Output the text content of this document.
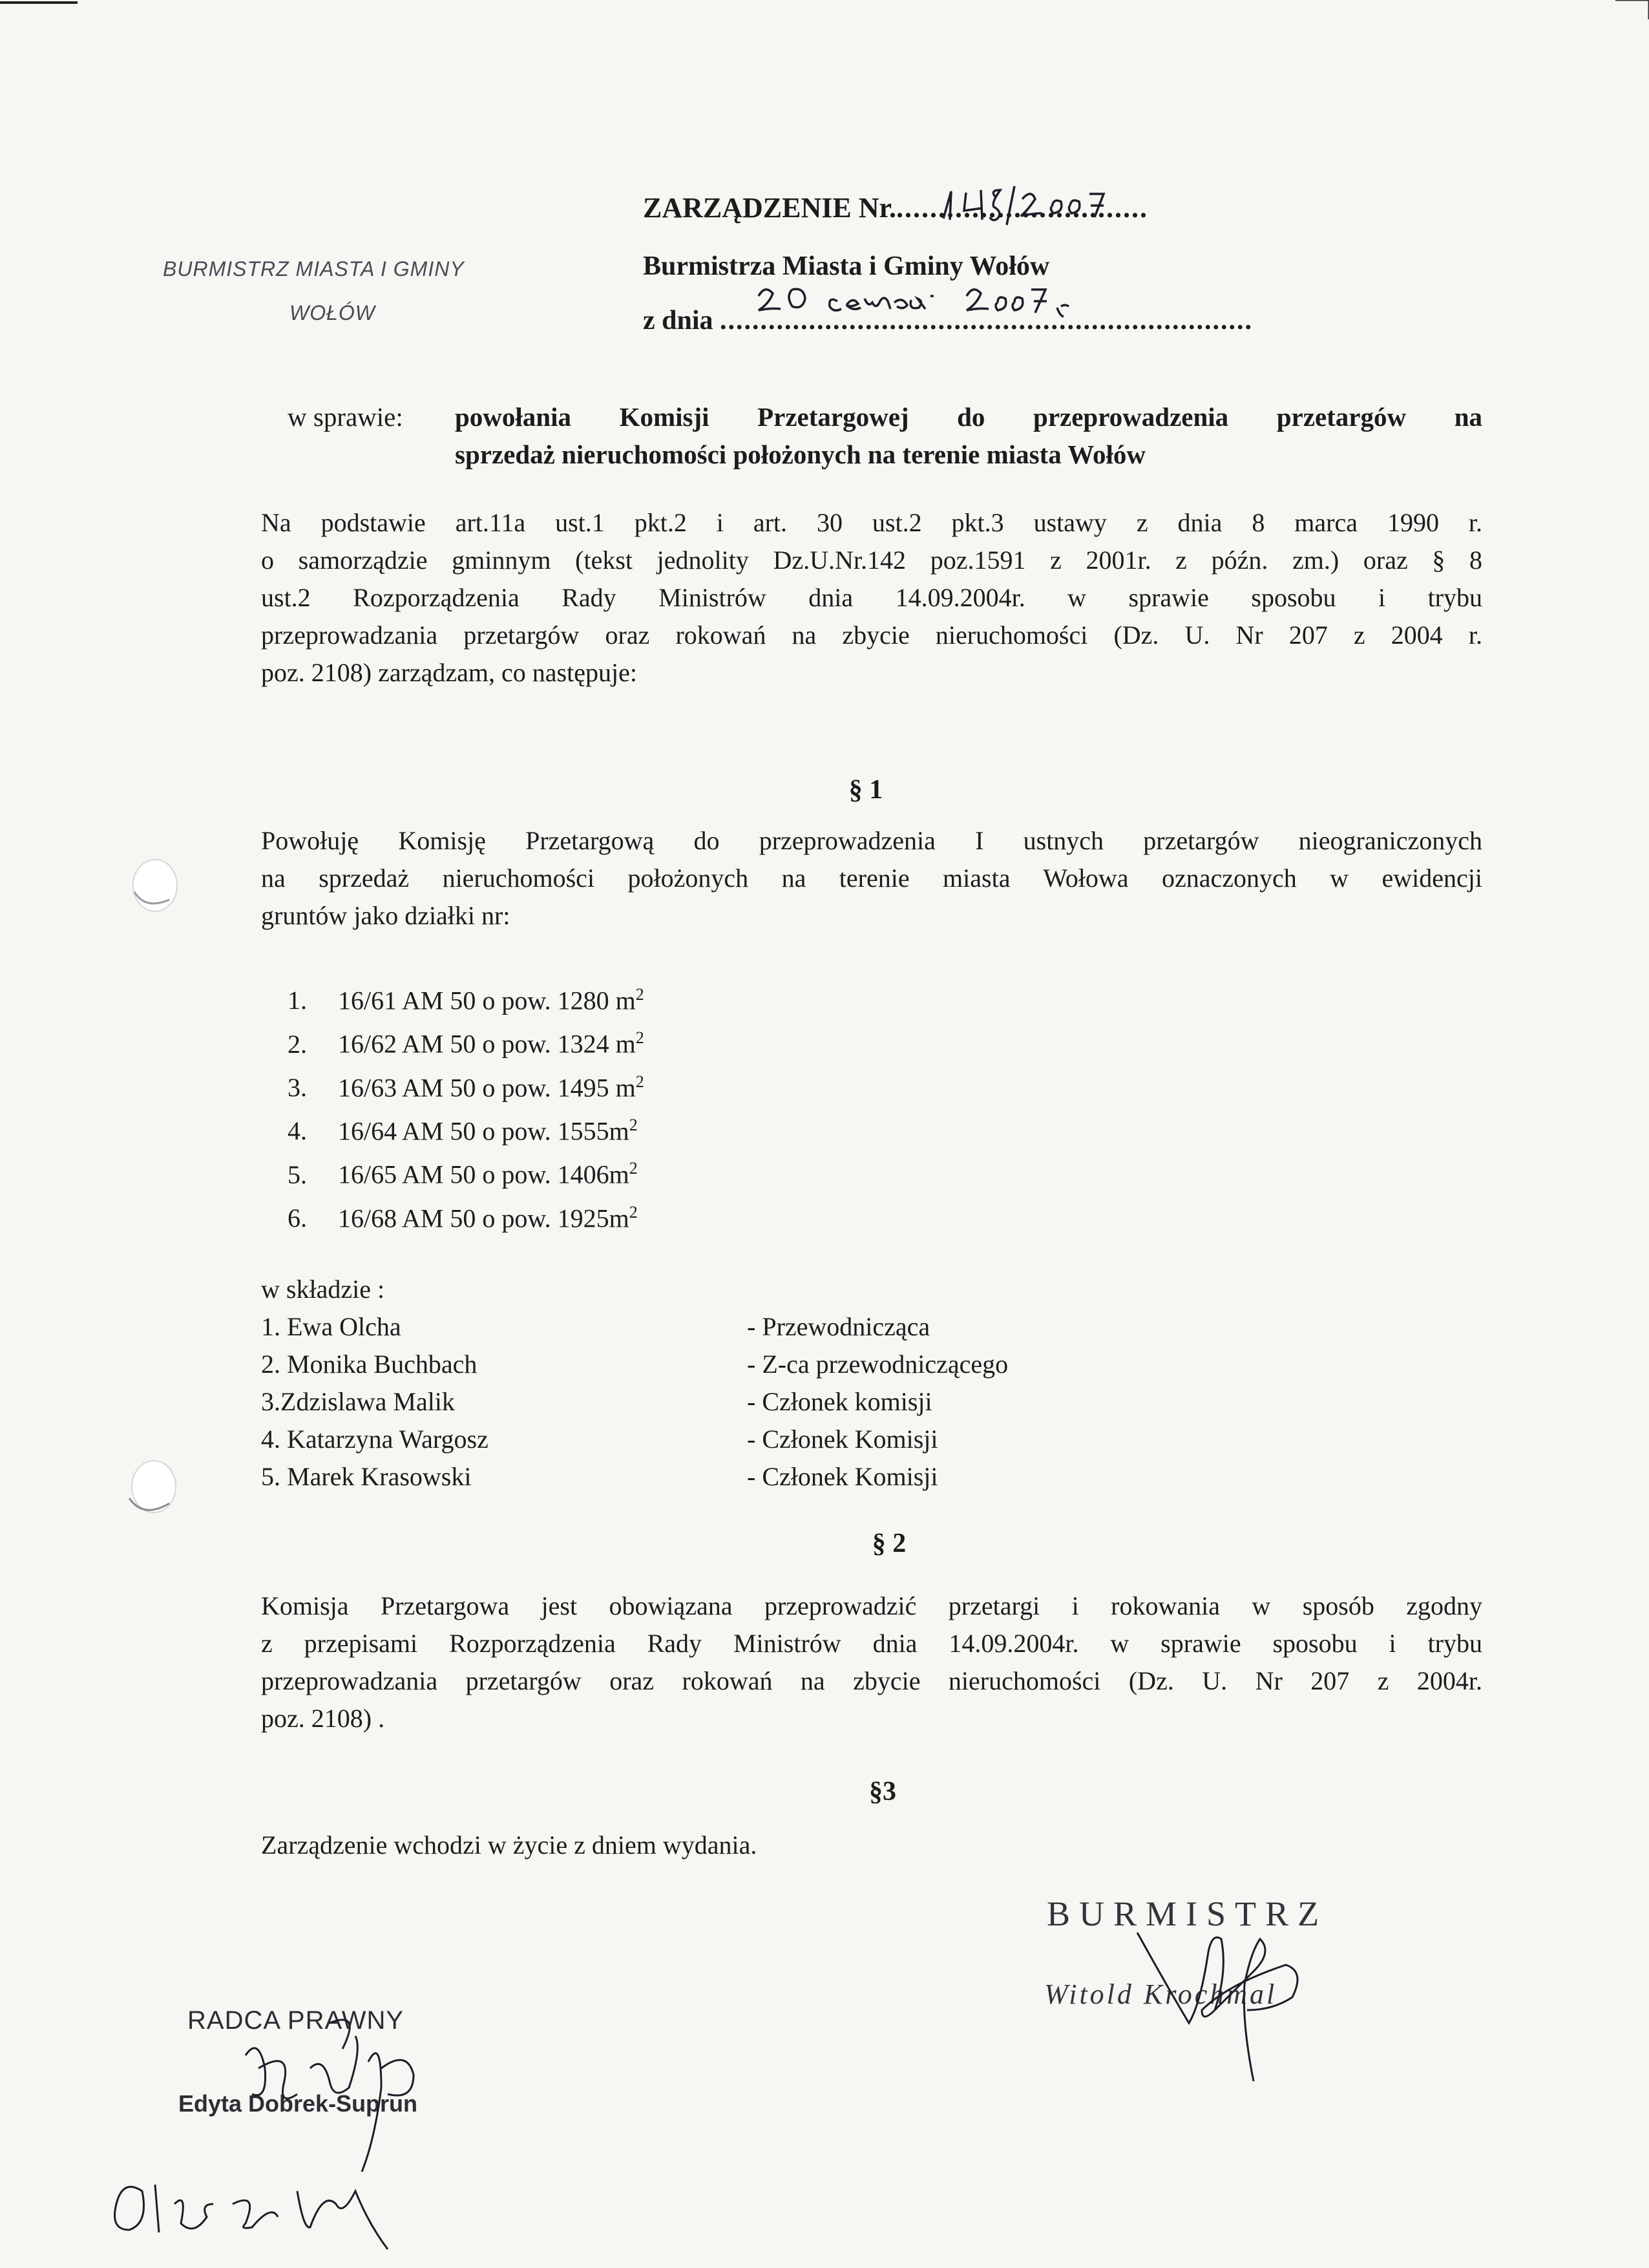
BURMISTRZ MIASTA I GMINY
WOŁÓW
ZARZĄDZENIE Nr...............................
Burmistrza Miasta i Gminy Wołów
z dnia ..................................................................
w sprawie: powołania Komisji Przetargowej do przeprowadzenia przetargów na
sprzedaż nieruchomości położonych na terenie miasta Wołów
Na podstawie art.11a ust.1 pkt.2 i art. 30 ust.2 pkt.3 ustawy z dnia 8 marca 1990 r.
o samorządzie gminnym (tekst jednolity Dz.U.Nr.142 poz.1591 z 2001r. z późn. zm.) oraz § 8
ust.2 Rozporządzenia Rady Ministrów dnia 14.09.2004r. w sprawie sposobu i trybu
przeprowadzania przetargów oraz rokowań na zbycie nieruchomości (Dz. U. Nr 207 z 2004 r.
poz. 2108) zarządzam, co następuje:
§ 1
Powołuję Komisję Przetargową do przeprowadzenia I ustnych przetargów nieograniczonych
na sprzedaż nieruchomości położonych na terenie miasta Wołowa oznaczonych w ewidencji
gruntów jako działki nr:
1. 16/61 AM 50 o pow. 1280 $m^2$
2. 16/62 AM 50 o pow. 1324 $m^2$
3. 16/63 AM 50 o pow. 1495 $m^2$
4. 16/64 AM 50 o pow. $1555m^2$
5. 16/65 AM 50 o pow. $1406m^2$
6. 16/68 AM 50 o pow. $1925m^2$
w składzie :
1. Ewa Olcha
2. Monika Buchbach
3.Zdzislawa Malik
4. Katarzyna Wargosz
5. Marek Krasowski
- Przewodnicząca
- Z-ca przewodniczącego
- Członek komisji
- Członek Komisji
- Członek Komisji
§ 2
Komisja Przetargowa jest obowiązana przeprowadzić przetargi i rokowania w sposób zgodny
z przepisami Rozporządzenia Rady Ministrów dnia 14.09.2004r. w sprawie sposobu i trybu
przeprowadzania przetargów oraz rokowań na zbycie nieruchomości (Dz. U. Nr 207 z 2004r.
poz. 2108) .
§3
Zarządzenie wchodzi w życie z dniem wydania.
BURMISTRZ
Witold Krochmal
RADCA PRAWNY
Edyta Dobrek-Suprun
